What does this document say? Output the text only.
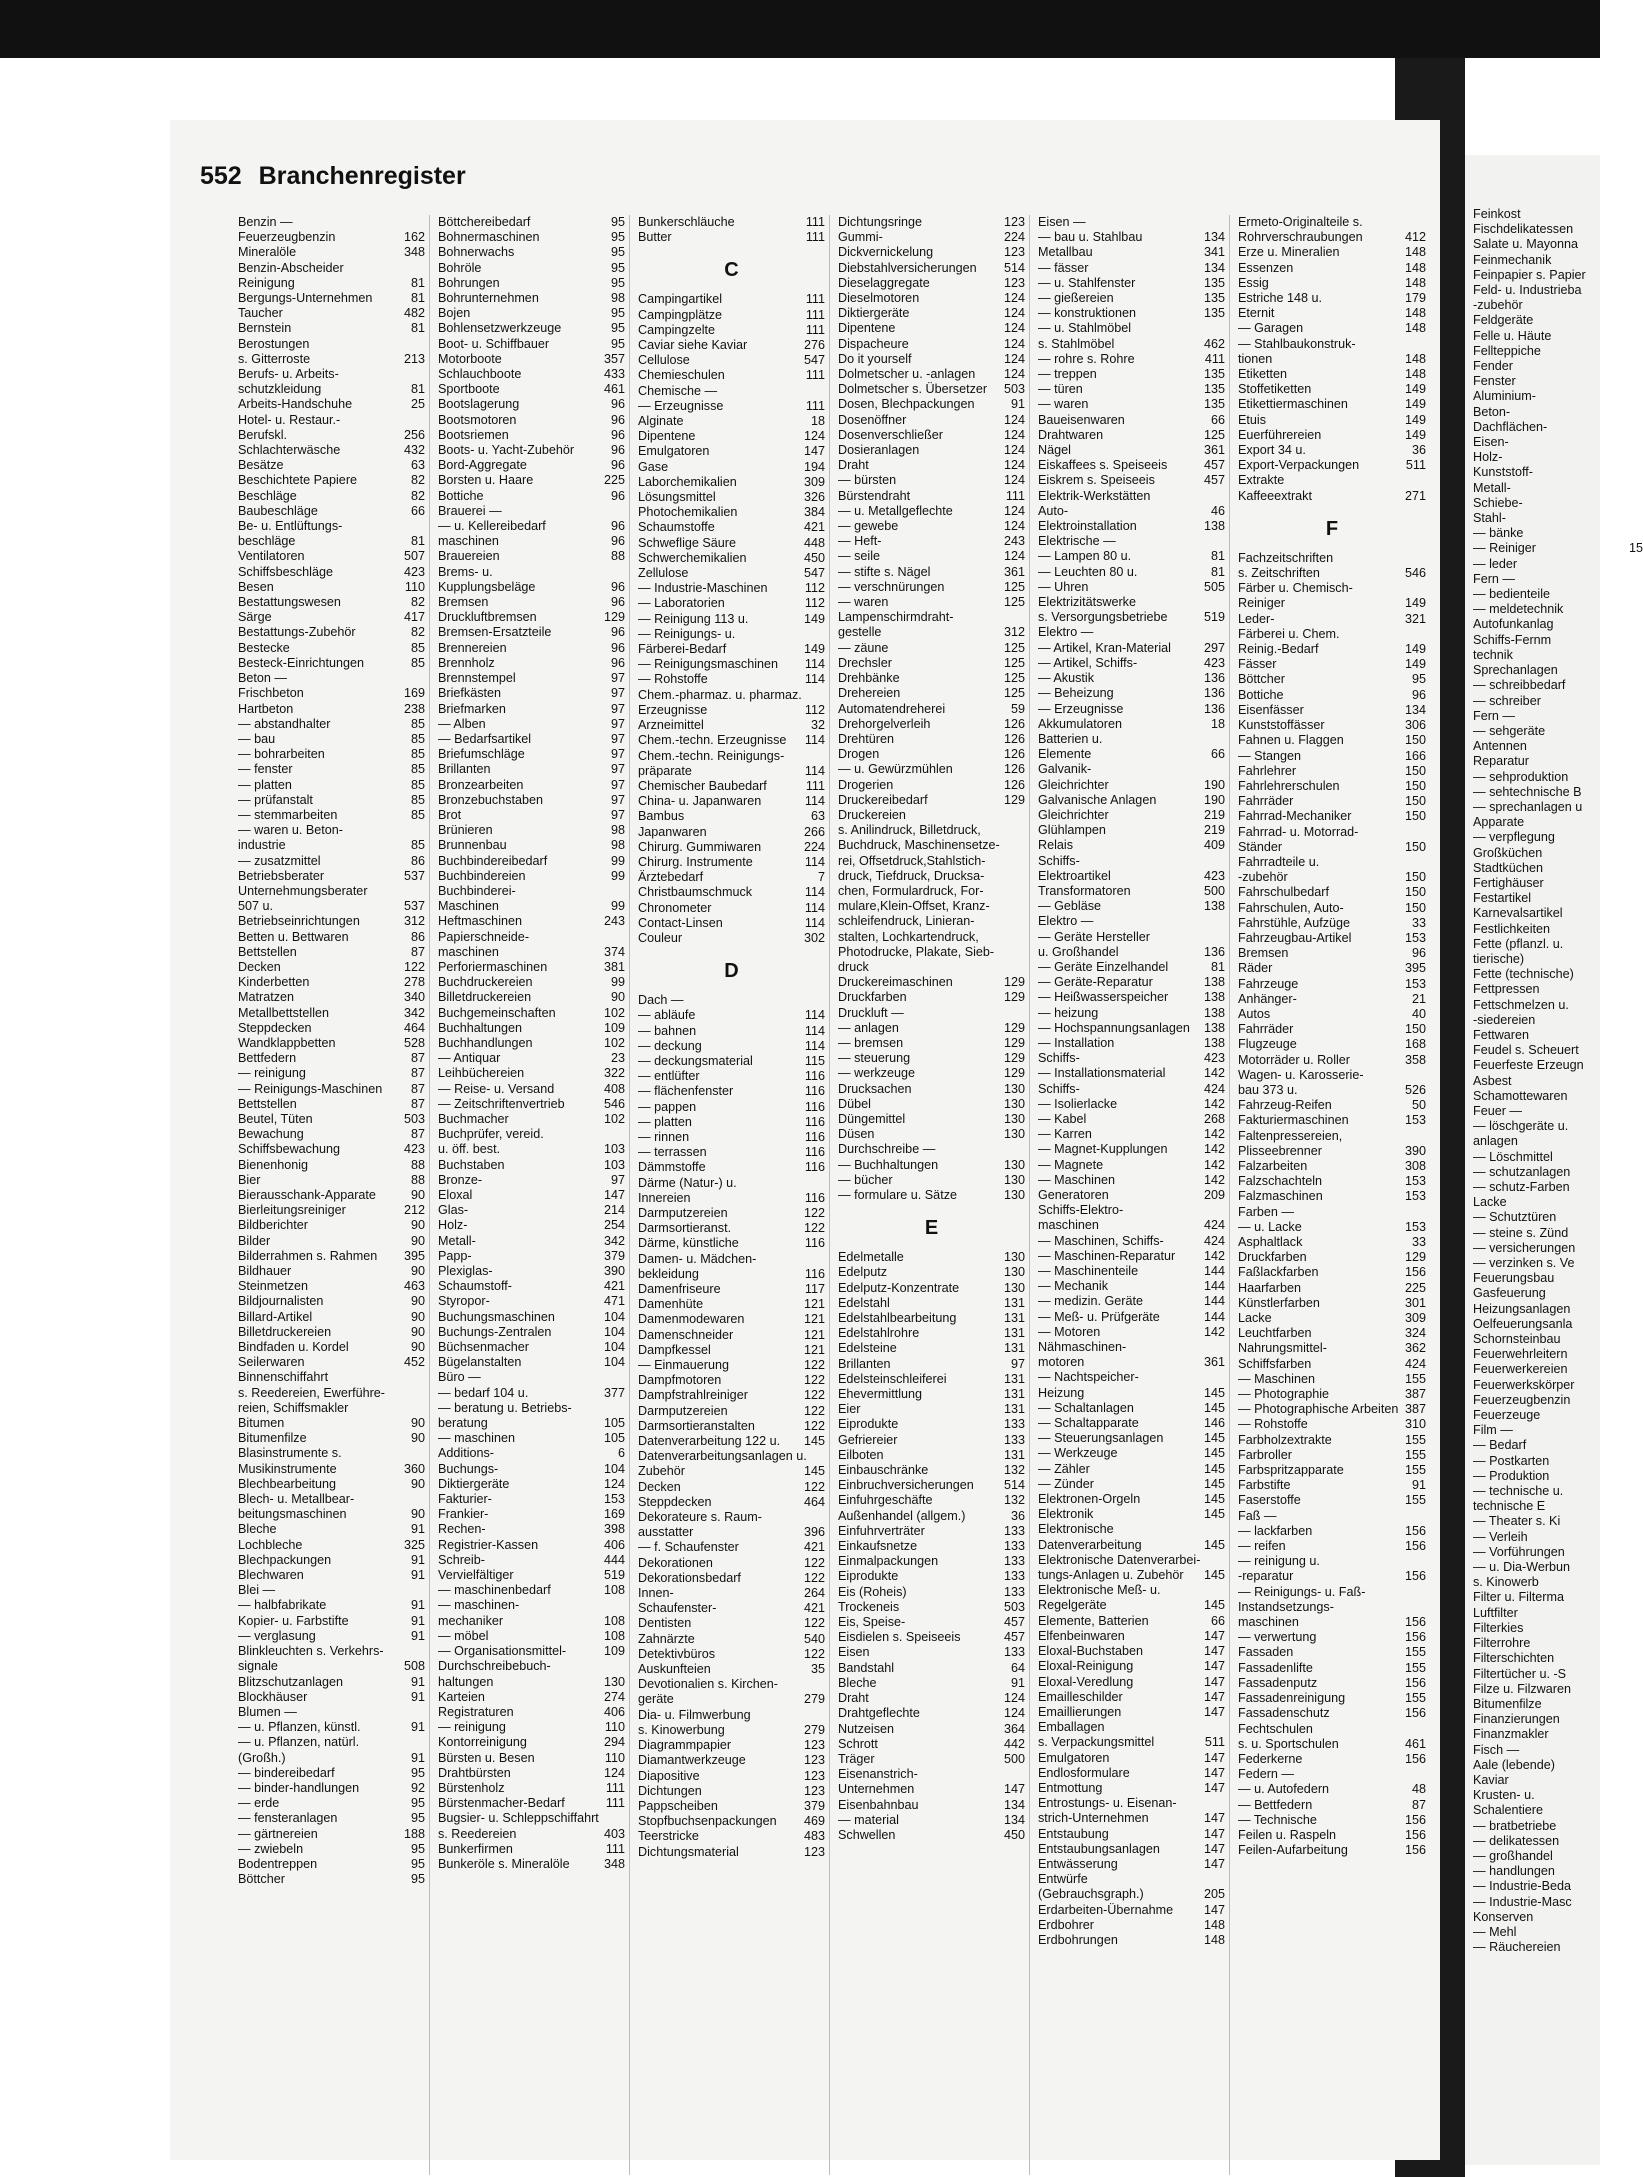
552 Branchenregister
Benzin —
Feuerzeugbenzin	162
Mineralöle	348
Benzin-Abscheider
Reinigung	81
Bergungs-Unternehmen	81
Taucher	482
Bernstein	81
Berostungen
s. Gitterroste	213
Berufs- u. Arbeits-
schutzkleidung	81
Arbeits-Handschuhe	25
Hotel- u. Restaur.-
Berufskl.	256
Schlachterwäsche	432
Besätze	63
Beschichtete Papiere	82
Beschläge	82
Baubeschläge	66
Be- u. Entlüftungs-
beschläge	81
Ventilatoren	507
Schiffsbeschläge	423
Besen	110
Bestattungswesen	82
Särge	417
Bestattungs-Zubehör	82
Bestecke	85
Besteck-Einrichtungen	85
Beton —
Frischbeton	169
Hartbeton	238
— abstandhalter	85
— bau	85
— bohrarbeiten	85
— fenster	85
— platten	85
— prüfanstalt	85
— stemmarbeiten	85
— waren u. Beton-
industrie	85
— zusatzmittel	86
Betriebsberater	537
Unternehmungsberater
507 u.	537
Betriebseinrichtungen	312
Betten u. Bettwaren	86
Bettstellen	87
Decken	122
Kinderbetten	278
Matratzen	340
Metallbettstellen	342
Steppdecken	464
Wandklappbetten	528
Bettfedern	87
— reinigung	87
— Reinigungs-Maschinen	87
Bettstellen	87
Beutel, Tüten	503
Bewachung	87
Schiffsbewachung	423
Bienenhonig	88
Bier	88
Bierausschank-Apparate	90
Bierleitungsreiniger	212
Bildberichter	90
Bilder	90
Bilderrahmen s. Rahmen	395
Bildhauer	90
Steinmetzen	463
Bildjournalisten	90
Billard-Artikel	90
Billetdruckereien	90
Bindfaden u. Kordel	90
Seilerwaren	452
Binnenschiffahrt
s. Reedereien, Ewerführe-
reien, Schiffsmakler
Bitumen	90
Bitumenfilze	90
Blasinstrumente s.
Musikinstrumente	360
Blechbearbeitung	90
Blech- u. Metallbear-
beitungsmaschinen	90
Bleche	91
Lochbleche	325
Blechpackungen	91
Blechwaren	91
Blei —
— halbfabrikate	91
Kopier- u. Farbstifte	91
— verglasung	91
Blinkleuchten s. Verkehrs-
signale	508
Blitzschutzanlagen	91
Blockhäuser	91
Blumen —
— u. Pflanzen, künstl.	91
— u. Pflanzen, natürl.
(Großh.)	91
— bindereibedarf	95
— binder-handlungen	92
— erde	95
— fensteranlagen	95
— gärtnereien	188
— zwiebeln	95
Bodentreppen	95
Böttcher	95
Böttchereibedarf	95
Bohnermaschinen	95
Bohnerwachs	95
Bohröle	95
Bohrungen	95
Bohrunternehmen	98
Bojen	95
Bohlensetzwerkzeuge	95
Boot- u. Schiffbauer	95
Motorboote	357
Schlauchboote	433
Sportboote	461
Bootslagerung	96
Bootsmotoren	96
Bootsriemen	96
Boots- u. Yacht-Zubehör	96
Bord-Aggregate	96
Borsten u. Haare	225
Bottiche	96
Brauerei —
— u. Kellereibedarf	96
maschinen	96
Brauereien	88
Brems- u.
Kupplungsbeläge	96
Bremsen	96
Druckluftbremsen	129
Bremsen-Ersatzteile	96
Brennereien	96
Brennholz	96
Brennstempel	97
Briefkästen	97
Briefmarken	97
— Alben	97
— Bedarfsartikel	97
Briefumschläge	97
Brillanten	97
Bronzearbeiten	97
Bronzebuchstaben	97
Brot	97
Brünieren	98
Brunnenbau	98
Buchbindereibedarf	99
Buchbindereien	99
Buchbinderei-
Maschinen	99
Heftmaschinen	243
Papierschneide-
maschinen	374
Perforiermaschinen	381
Buchdruckereien	99
Billetdruckereien	90
Buchgemeinschaften	102
Buchhaltungen	109
Buchhandlungen	102
— Antiquar	23
Leihbüchereien	322
— Reise- u. Versand	408
— Zeitschriftenvertrieb	546
Buchmacher	102
Buchprüfer, vereid.
u. öff. best.	103
Buchstaben	103
Bronze-	97
Eloxal	147
Glas-	214
Holz-	254
Metall-	342
Papp-	379
Plexiglas-	390
Schaumstoff-	421
Styropor-	471
Buchungsmaschinen	104
Buchungs-Zentralen	104
Büchsenmacher	104
Bügelanstalten	104
Büro —
— bedarf 104 u.	377
— beratung u. Betriebs-
beratung	105
— maschinen	105
Additions-	6
Buchungs-	104
Diktiergeräte	124
Fakturier-	153
Frankier-	169
Rechen-	398
Registrier-Kassen	406
Schreib-	444
Vervielfältiger	519
— maschinenbedarf	108
— maschinen-
mechaniker	108
— möbel	108
— Organisationsmittel-	109
Durchschreibebuch-
haltungen	130
Karteien	274
Registraturen	406
— reinigung	110
Kontorreinigung	294
Bürsten u. Besen	110
Drahtbürsten	124
Bürstenholz	111
Bürstenmacher-Bedarf	111
Bugsier- u. Schleppschiffahrt
s. Reedereien	403
Bunkerfirmen	111
Bunkeröle s. Mineralöle	348
Bunkerschläuche	111
Butter	111
C
Campingartikel	111
Campingplätze	111
Campingzelte	111
Caviar siehe Kaviar	276
Cellulose	547
Chemieschulen	111
Chemische —
— Erzeugnisse	111
Alginate	18
Dipentene	124
Emulgatoren	147
Gase	194
Laborchemikalien	309
Lösungsmittel	326
Photochemikalien	384
Schaumstoffe	421
Schweflige Säure	448
Schwerchemikalien	450
Zellulose	547
— Industrie-Maschinen	112
— Laboratorien	112
— Reinigung 113 u.	149
— Reinigungs- u.
Färberei-Bedarf	149
— Reinigungsmaschinen	114
— Rohstoffe	114
Chem.-pharmaz. u. pharmaz.
Erzeugnisse	112
Arzneimittel	32
Chem.-techn. Erzeugnisse	114
Chem.-techn. Reinigungs-
präparate	114
Chemischer Baubedarf	111
China- u. Japanwaren	114
Bambus	63
Japanwaren	266
Chirurg. Gummiwaren	224
Chirurg. Instrumente	114
Ärztebedarf	7
Christbaumschmuck	114
Chronometer	114
Contact-Linsen	114
Couleur	302
D
Dach —
— abläufe	114
— bahnen	114
— deckung	114
— deckungsmaterial	115
— entlüfter	116
— flächenfenster	116
— pappen	116
— platten	116
— rinnen	116
— terrassen	116
Dämmstoffe	116
Därme (Natur-) u.
Innereien	116
Darmputzereien	122
Darmsortieranst.	122
Därme, künstliche	116
Damen- u. Mädchen-
bekleidung	116
Damenfriseure	117
Damenhüte	121
Damenmodewaren	121
Damenschneider	121
Dampfkessel	121
— Einmauerung	122
Dampfmotoren	122
Dampfstrahlreiniger	122
Darmputzereien	122
Darmsortieranstalten	122
Datenverarbeitung 122 u.	145
Datenverarbeitungsanlagen u.
Zubehör	145
Decken	122
Steppdecken	464
Dekorateure s. Raum-
ausstatter	396
— f. Schaufenster	421
Dekorationen	122
Dekorationsbedarf	122
Innen-	264
Schaufenster-	421
Dentisten	122
Zahnärzte	540
Detektivbüros	122
Auskunfteien	35
Devotionalien s. Kirchen-
geräte	279
Dia- u. Filmwerbung
s. Kinowerbung	279
Diagrammpapier	123
Diamantwerkzeuge	123
Diapositive	123
Dichtungen	123
Pappscheiben	379
Stopfbuchsenpackungen	469
Teerstricke	483
Dichtungsmaterial	123
Dichtungsringe	123
Gummi-	224
Dickvernickelung	123
Diebstahlversicherungen	514
Dieselaggregate	123
Dieselmotoren	124
Diktiergeräte	124
Dipentene	124
Dispacheure	124
Do it yourself	124
Dolmetscher u. -anlagen	124
Dolmetscher s. Übersetzer	503
Dosen, Blechpackungen	91
Dosenöffner	124
Dosenverschließer	124
Dosieranlagen	124
Draht	124
— bürsten	124
Bürstendraht	111
— u. Metallgeflechte	124
— gewebe	124
— Heft-	243
— seile	124
— stifte s. Nägel	361
— verschnürungen	125
— waren	125
Lampenschirmdraht-
gestelle	312
— zäune	125
Drechsler	125
Drehbänke	125
Drehereien	125
Automatendreherei	59
Drehorgelverleih	126
Drehtüren	126
Drogen	126
— u. Gewürzmühlen	126
Drogerien	126
Druckereibedarf	129
Druckereien
s. Anilindruck, Billetdruck,
Buchdruck, Maschinensetze-
rei, Offsetdruck,Stahlstich-
druck, Tiefdruck, Drucksa-
chen, Formulardruck, For-
mulare,Klein-Offset, Kranz-
schleifendruck, Linieran-
stalten, Lochkartendruck,
Photodrucke, Plakate, Sieb-
druck
Druckereimaschinen	129
Druckfarben	129
Druckluft —
— anlagen	129
— bremsen	129
— steuerung	129
— werkzeuge	129
Drucksachen	130
Dübel	130
Düngemittel	130
Düsen	130
Durchschreibe —
— Buchhaltungen	130
— bücher	130
— formulare u. Sätze	130
E
Edelmetalle	130
Edelputz	130
Edelputz-Konzentrate	130
Edelstahl	131
Edelstahlbearbeitung	131
Edelstahlrohre	131
Edelsteine	131
Brillanten	97
Edelsteinschleiferei	131
Ehevermittlung	131
Eier	131
Eiprodukte	133
Gefriereier	133
Eilboten	131
Einbauschränke	132
Einbruchversicherungen	514
Einfuhrgeschäfte	132
Außenhandel (allgem.)	36
Einfuhrverträter	133
Einkaufsnetze	133
Einmalpackungen	133
Eiprodukte	133
Eis (Roheis)	133
Trockeneis	503
Eis, Speise-	457
Eisdielen s. Speiseeis	457
Eisen	133
Bandstahl	64
Bleche	91
Draht	124
Drahtgeflechte	124
Nutzeisen	364
Schrott	442
Träger	500
Eisenanstrich-
Unternehmen	147
Eisenbahnbau	134
— material	134
Schwellen	450
Eisen —
— bau u. Stahlbau	134
Metallbau	341
— fässer	134
— u. Stahlfenster	135
— gießereien	135
— konstruktionen	135
— u. Stahlmöbel
s. Stahlmöbel	462
— rohre s. Rohre	411
— treppen	135
— türen	135
— waren	135
Baueisenwaren	66
Drahtwaren	125
Nägel	361
Eiskaffees s. Speiseeis	457
Eiskrem s. Speiseeis	457
Elektrik-Werkstätten
Auto-	46
Elektroinstallation	138
Elektrische —
— Lampen 80 u.	81
— Leuchten 80 u.	81
— Uhren	505
Elektrizitätswerke
s. Versorgungsbetriebe	519
Elektro —
— Artikel, Kran-Material	297
— Artikel, Schiffs-	423
— Akustik	136
— Beheizung	136
— Erzeugnisse	136
Akkumulatoren	18
Batterien u.
Elemente	66
Galvanik-
Gleichrichter	190
Galvanische Anlagen	190
Gleichrichter	219
Glühlampen	219
Relais	409
Schiffs-
Elektroartikel	423
Transformatoren	500
— Gebläse	138
Elektro —
— Geräte Hersteller
u. Großhandel	136
— Geräte Einzelhandel	81
— Geräte-Reparatur	138
— Heißwasserspeicher	138
— heizung	138
— Hochspannungsanlagen	138
— Installation	138
Schiffs-	423
— Installationsmaterial	142
Schiffs-	424
— Isolierlacke	142
— Kabel	268
— Karren	142
— Magnet-Kupplungen	142
— Magnete	142
— Maschinen	142
Generatoren	209
Schiffs-Elektro-
maschinen	424
— Maschinen, Schiffs-	424
— Maschinen-Reparatur	142
— Maschinenteile	144
— Mechanik	144
— medizin. Geräte	144
— Meß- u. Prüfgeräte	144
— Motoren	142
Nähmaschinen-
motoren	361
— Nachtspeicher-
Heizung	145
— Schaltanlagen	145
— Schaltapparate	146
— Steuerungsanlagen	145
— Werkzeuge	145
— Zähler	145
— Zünder	145
Elektronen-Orgeln	145
Elektronik	145
Elektronische
Datenverarbeitung	145
Elektronische Datenverarbei-
tungs-Anlagen u. Zubehör	145
Elektronische Meß- u.
Regelgeräte	145
Elemente, Batterien	66
Elfenbeinwaren	147
Eloxal-Buchstaben	147
Eloxal-Reinigung	147
Eloxal-Veredlung	147
Emailleschilder	147
Emaillierungen	147
Emballagen
s. Verpackungsmittel	511
Emulgatoren	147
Endlosformulare	147
Entmottung	147
Entrostungs- u. Eisenan-
strich-Unternehmen	147
Entstaubung	147
Entstaubungsanlagen	147
Entwässerung	147
Entwürfe
(Gebrauchsgraph.)	205
Erdarbeiten-Übernahme	147
Erdbohrer	148
Erdbohrungen	148
Ermeto-Originalteile s.
Rohrverschraubungen	412
Erze u. Mineralien	148
Essenzen	148
Essig	148
Estriche 148 u.	179
Eternit	148
— Garagen	148
— Stahlbaukonstruk-
tionen	148
Etiketten	148
Stoffetiketten	149
Etikettiermaschinen	149
Etuis	149
Euerführereien	149
Export 34 u.	36
Export-Verpackungen	511
Extrakte
Kaffeeextrakt	271
F
Fachzeitschriften
s. Zeitschriften	546
Färber u. Chemisch-
Reiniger	149
Leder-	321
Färberei u. Chem.
Reinig.-Bedarf	149
Fässer	149
Böttcher	95
Bottiche	96
Eisenfässer	134
Kunststoffässer	306
Fahnen u. Flaggen	150
— Stangen	166
Fahrlehrer	150
Fahrlehrerschulen	150
Fahrräder	150
Fahrrad-Mechaniker	150
Fahrrad- u. Motorrad-
Ständer	150
Fahrradteile u.
-zubehör	150
Fahrschulbedarf	150
Fahrschulen, Auto-	150
Fahrstühle, Aufzüge	33
Fahrzeugbau-Artikel	153
Bremsen	96
Räder	395
Fahrzeuge	153
Anhänger-	21
Autos	40
Fahrräder	150
Flugzeuge	168
Motorräder u. Roller	358
Wagen- u. Karosserie-
bau 373 u.	526
Fahrzeug-Reifen	50
Fakturiermaschinen	153
Faltenpressereien,
Plisseebrenner	390
Falzarbeiten	308
Falzschachteln	153
Falzmaschinen	153
Farben —
— u. Lacke	153
Asphaltlack	33
Druckfarben	129
Faßlackfarben	156
Haarfarben	225
Künstlerfarben	301
Lacke	309
Leuchtfarben	324
Nahrungsmittel-	362
Schiffsfarben	424
— Maschinen	155
— Photographie	387
— Photographische Arbeiten 387
— Rohstoffe	310
Farbholzextrakte	155
Farbroller	155
Farbspritzapparate	155
Farbstifte	91
Faserstoffe	155
Faß —
— lackfarben	156
— reifen	156
— reinigung u.
-reparatur	156
— Reinigungs- u. Faß-
Instandsetzungs-
maschinen	156
— verwertung	156
Fassaden	155
Fassadenlifte	155
Fassadenputz	156
Fassadenreinigung	155
Fassadenschutz	156
Fechtschulen
s. u. Sportschulen	461
Federkerne	156
Federn —
— u. Autofedern	48
— Bettfedern	87
— Technische	156
Feilen u. Raspeln	156
Feilen-Aufarbeitung	156
Feinkost
Fischdelikatessen
Salate u. Mayonna
Feinmechanik
Feinpapier s. Papier
Feld- u. Industrieba
-zubehör
Feldgeräte
Felle u. Häute
Fellteppiche
Fender
Fenster
Aluminium-
Beton-
Dachflächen-
Eisen-
Holz-
Kunststoff-
Metall-
Schiebe-
Stahl-
— bänke
— Reiniger	15
— leder
Fern —
— bedienteile
— meldetechnik
Autofunkanlag
Schiffs-Fernm
technik
Sprechanlagen
— schreibbedarf
— schreiber
Fern —
— sehgeräte
Antennen
Reparatur
— sehproduktion
— sehtechnische B
— sprechanlagen u
Apparate
— verpflegung
Großküchen
Stadtküchen
Fertighäuser
Festartikel
Karnevalsartikel
Festlichkeiten
Fette (pflanzl. u.
tierische)
Fette (technische)
Fettpressen
Fettschmelzen u.
-siedereien
Fettwaren
Feudel s. Scheuert
Feuerfeste Erzeugn
Asbest
Schamottewaren
Feuer —
— löschgeräte u.
anlagen
— Löschmittel
— schutzanlagen
— schutz-Farben
Lacke
— Schutztüren
— steine s. Zünd
— versicherungen
— verzinken s. Ve
Feuerungsbau
Gasfeuerung
Heizungsanlagen
Oelfeuerungsanla
Schornsteinbau
Feuerwehrleitern
Feuerwerkereien
Feuerwerkskörper
Feuerzeugbenzin
Feuerzeuge
Film —
— Bedarf
— Postkarten
— Produktion
— technische u.
technische E
— Theater s. Ki
— Verleih
— Vorführungen
— u. Dia-Werbun
s. Kinowerb
Filter u. Filterma
Luftfilter
Filterkies
Filterrohre
Filterschichten
Filtertücher u. -S
Filze u. Filzwaren
Bitumenfilze
Finanzierungen
Finanzmakler
Fisch —
Aale (lebende)
Kaviar
Krusten- u.
Schalentiere
— bratbetriebe
— delikatessen
— großhandel
— handlungen
— Industrie-Beda
— Industrie-Masc
Konserven
— Mehl
— Räuchereien
